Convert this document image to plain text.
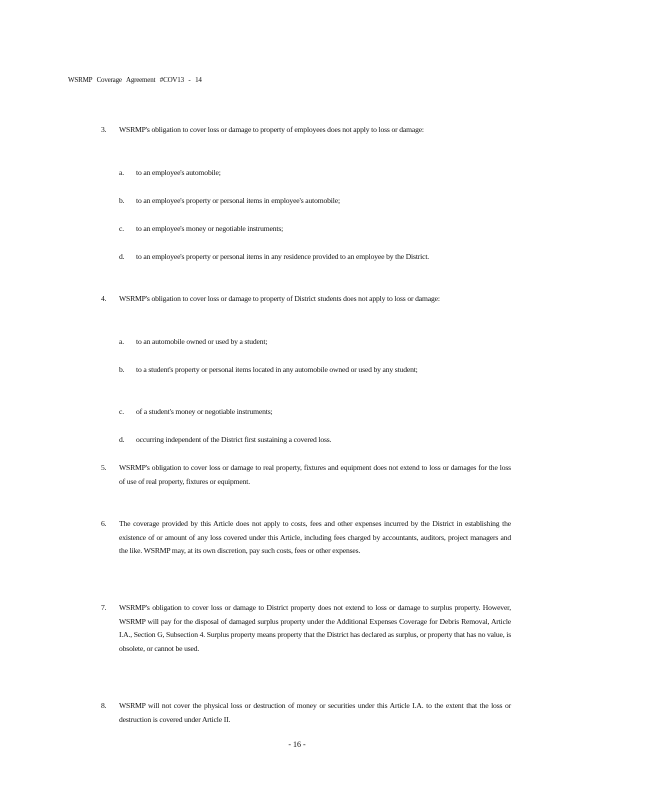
WSRMP Coverage Agreement #COV13 - 14
3. WSRMP's obligation to cover loss or damage to property of employees does not apply to loss or damage:
a. to an employee's automobile;
b. to an employee's property or personal items in employee's automobile;
c. to an employee's money or negotiable instruments;
d. to an employee's property or personal items in any residence provided to an employee by the District.
4. WSRMP's obligation to cover loss or damage to property of District students does not apply to loss or damage:
a. to an automobile owned or used by a student;
b. to a student's property or personal items located in any automobile owned or used by any student;
c. of a student's money or negotiable instruments;
d. occurring independent of the District first sustaining a covered loss.
5. WSRMP's obligation to cover loss or damage to real property, fixtures and equipment does not extend to loss or damages for the loss of use of real property, fixtures or equipment.
6. The coverage provided by this Article does not apply to costs, fees and other expenses incurred by the District in establishing the existence of or amount of any loss covered under this Article, including fees charged by accountants, auditors, project managers and the like. WSRMP may, at its own discretion, pay such costs, fees or other expenses.
7. WSRMP's obligation to cover loss or damage to District property does not extend to loss or damage to surplus property. However, WSRMP will pay for the disposal of damaged surplus property under the Additional Expenses Coverage for Debris Removal, Article I.A., Section G, Subsection 4. Surplus property means property that the District has declared as surplus, or property that has no value, is obsolete, or cannot be used.
8. WSRMP will not cover the physical loss or destruction of money or securities under this Article I.A. to the extent that the loss or destruction is covered under Article II.
- 16 -
